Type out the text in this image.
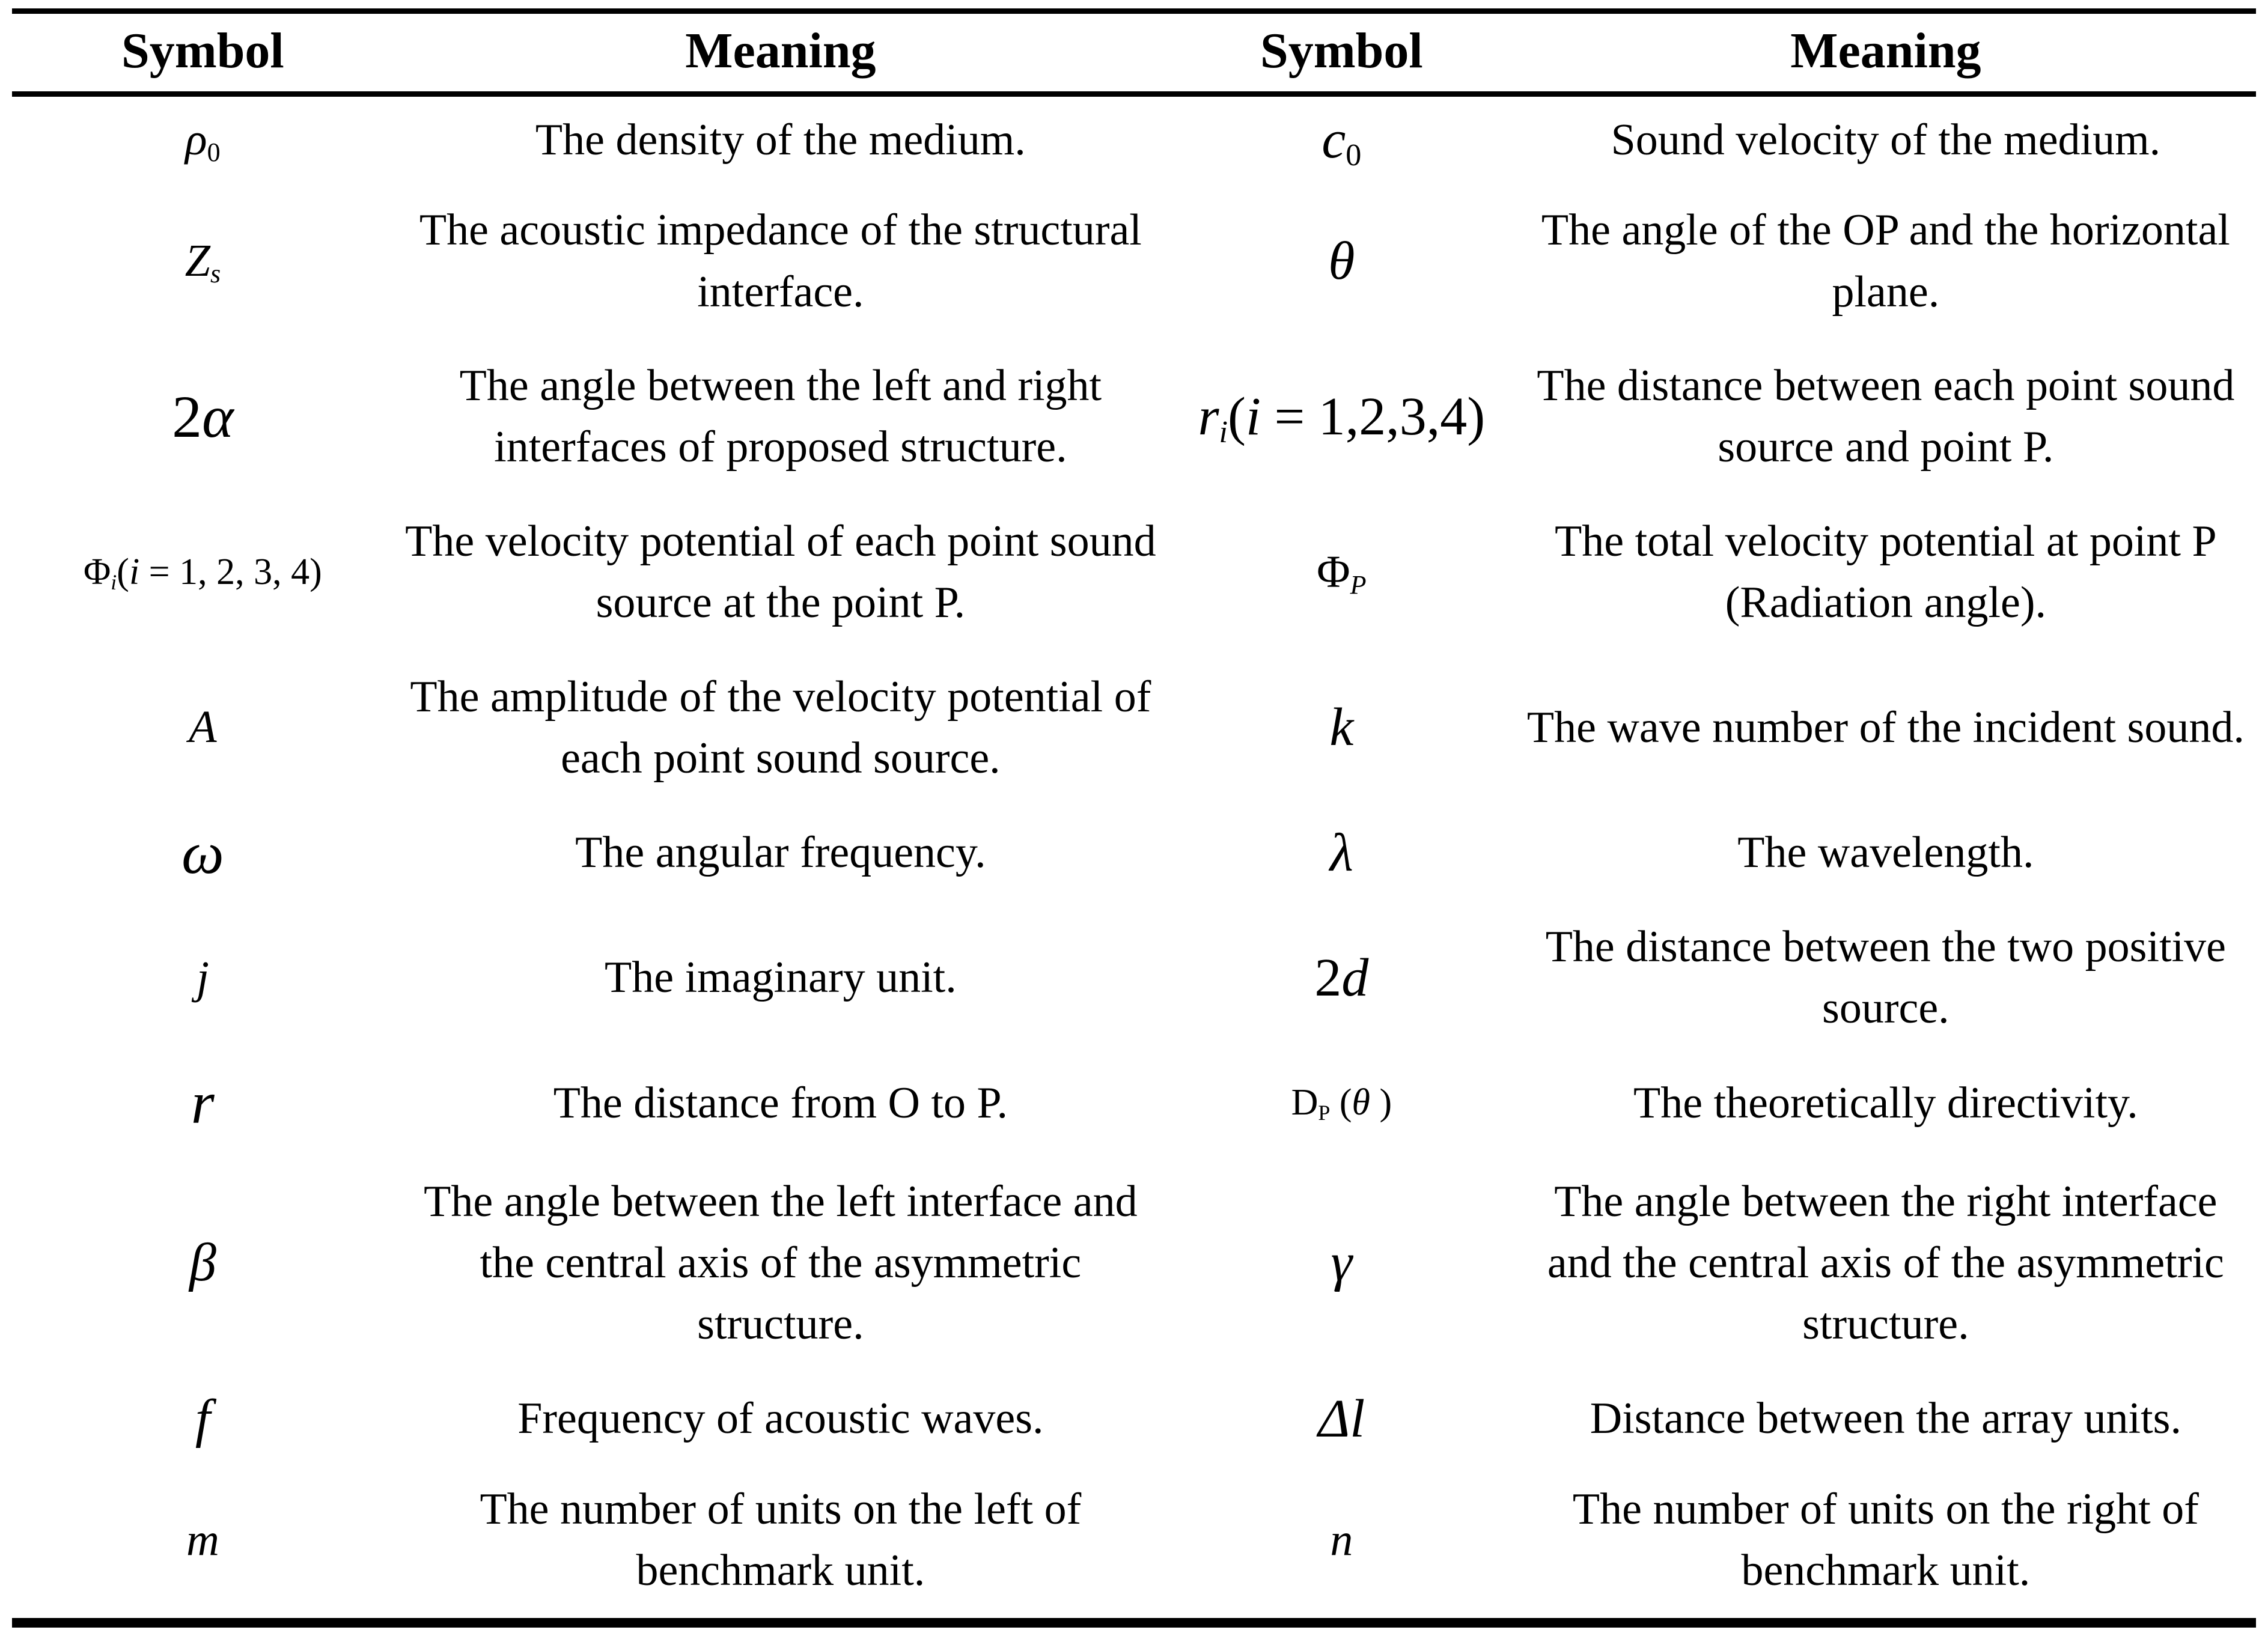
Symbol	Meaning	Symbol	Meaning
$\rho_0$	The density of the medium.	$c_0$	Sound velocity of the medium.
$Z_s$	The acoustic impedance of the structural interface.	θ	The angle of the OP and the horizontal plane.
2α	The angle between the left and right interfaces of proposed structure.	$r_i(i = 1,2,3,4)$	The distance between each point sound source and point P.
$\Phi_i(i = 1$, 2, 3, 4)	The velocity potential of each point sound source at the point P.	$\Phi_P$	The total velocity potential at point P (Radiation angle).
A	The amplitude of the velocity potential of each point sound source.	k	The wave number of the incident sound.
ω	The angular frequency.	λ	The wavelength.
j	The imaginary unit.	2d	The distance between the two positive source.
r	The distance from O to P.	$D_P$ (θ )	The theoretically directivity.
β	The angle between the left interface and the central axis of the asymmetric structure.	γ	The angle between the right interface and the central axis of the asymmetric structure.
f	Frequency of acoustic waves.	Δl	Distance between the array units.
m	The number of units on the left of benchmark unit.	n	The number of units on the right of benchmark unit.
